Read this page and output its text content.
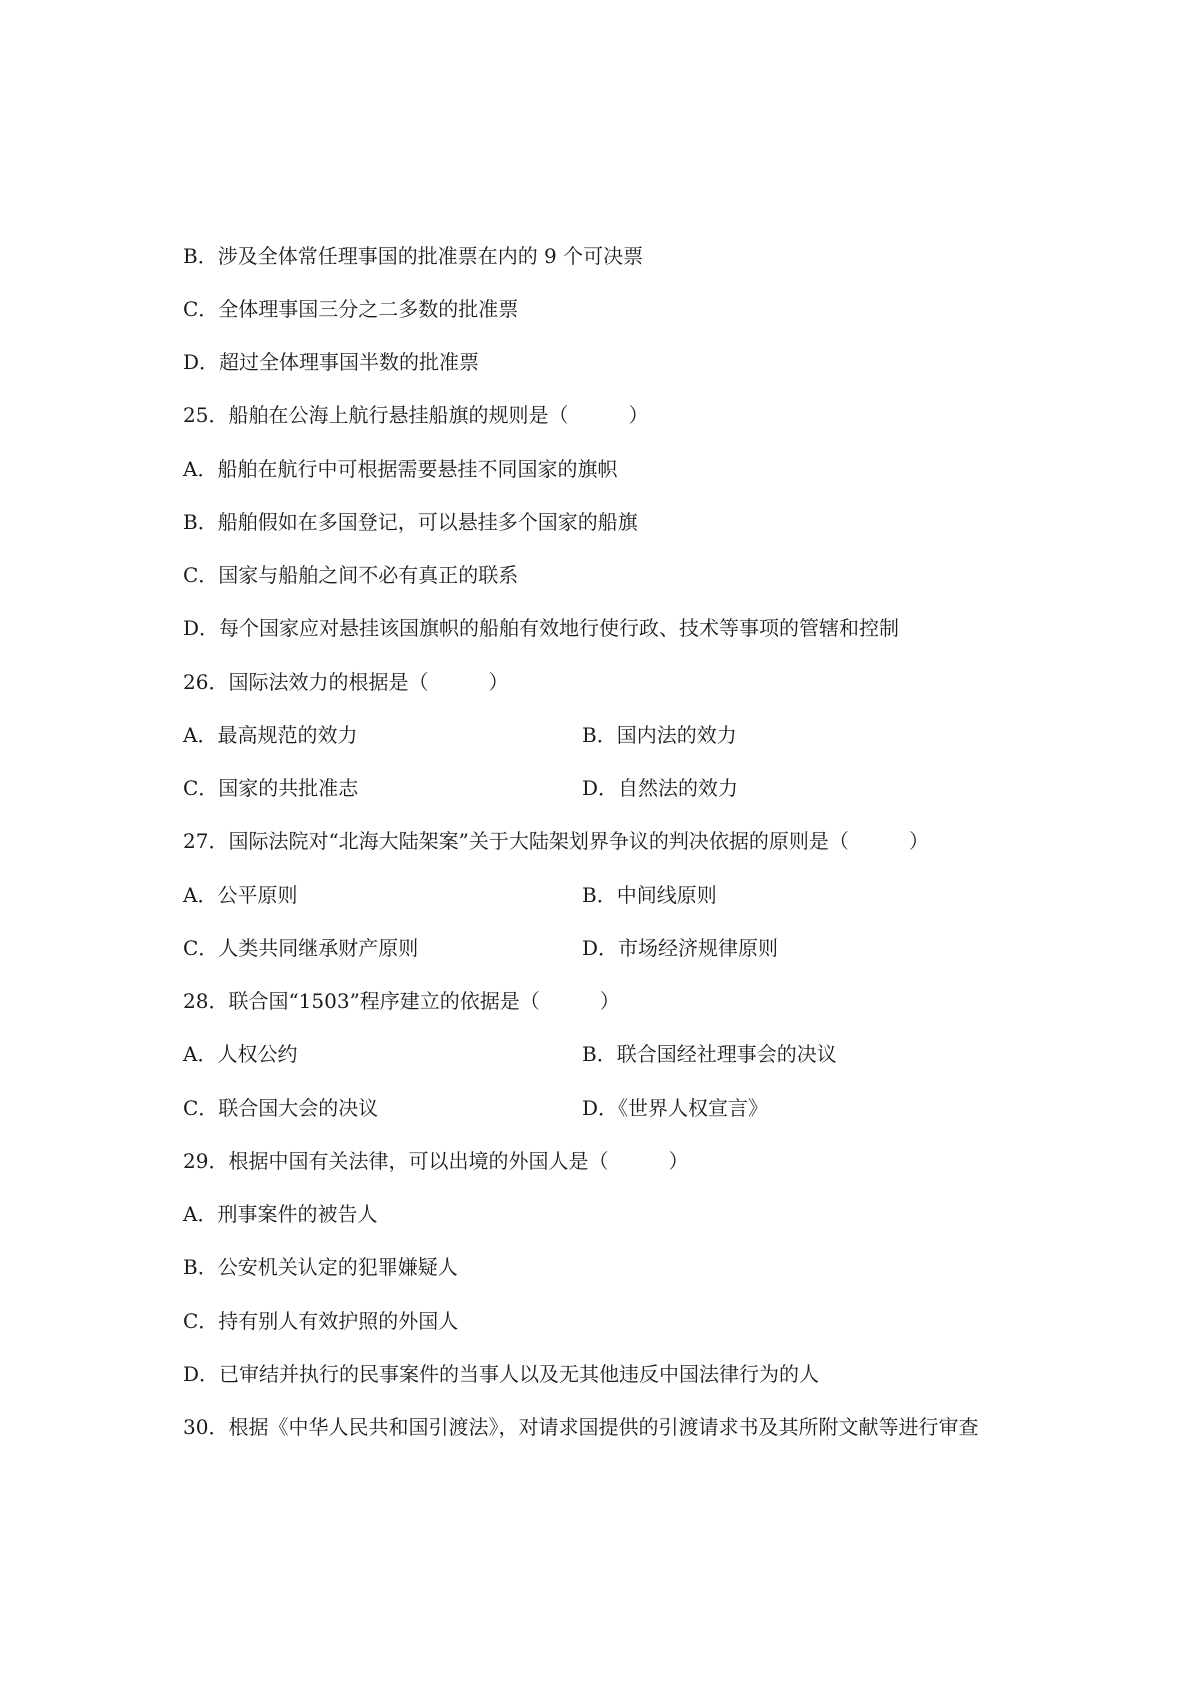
B．涉及全体常任理事国的批准票在内的 9 个可决票
C．全体理事国三分之二多数的批准票
D．超过全体理事国半数的批准票
25．船舶在公海上航行悬挂船旗的规则是（　　　）
A．船舶在航行中可根据需要悬挂不同国家的旗帜
B．船舶假如在多国登记，可以悬挂多个国家的船旗
C．国家与船舶之间不必有真正的联系
D．每个国家应对悬挂该国旗帜的船舶有效地行使行政、技术等事项的管辖和控制
26．国际法效力的根据是（　　　）
A．最高规范的效力	B．国内法的效力
C．国家的共批准志	D．自然法的效力
27．国际法院对“北海大陆架案”关于大陆架划界争议的判决依据的原则是（　　　）
A．公平原则	B．中间线原则
C．人类共同继承财产原则	D．市场经济规律原则
28．联合国“1503”程序建立的依据是（　　　）
A．人权公约	B．联合国经社理事会的决议
C．联合国大会的决议	D．《世界人权宣言》
29．根据中国有关法律，可以出境的外国人是（　　　）
A．刑事案件的被告人
B．公安机关认定的犯罪嫌疑人
C．持有别人有效护照的外国人
D．已审结并执行的民事案件的当事人以及无其他违反中国法律行为的人
30．根据《中华人民共和国引渡法》，对请求国提供的引渡请求书及其所附文献等进行审查
